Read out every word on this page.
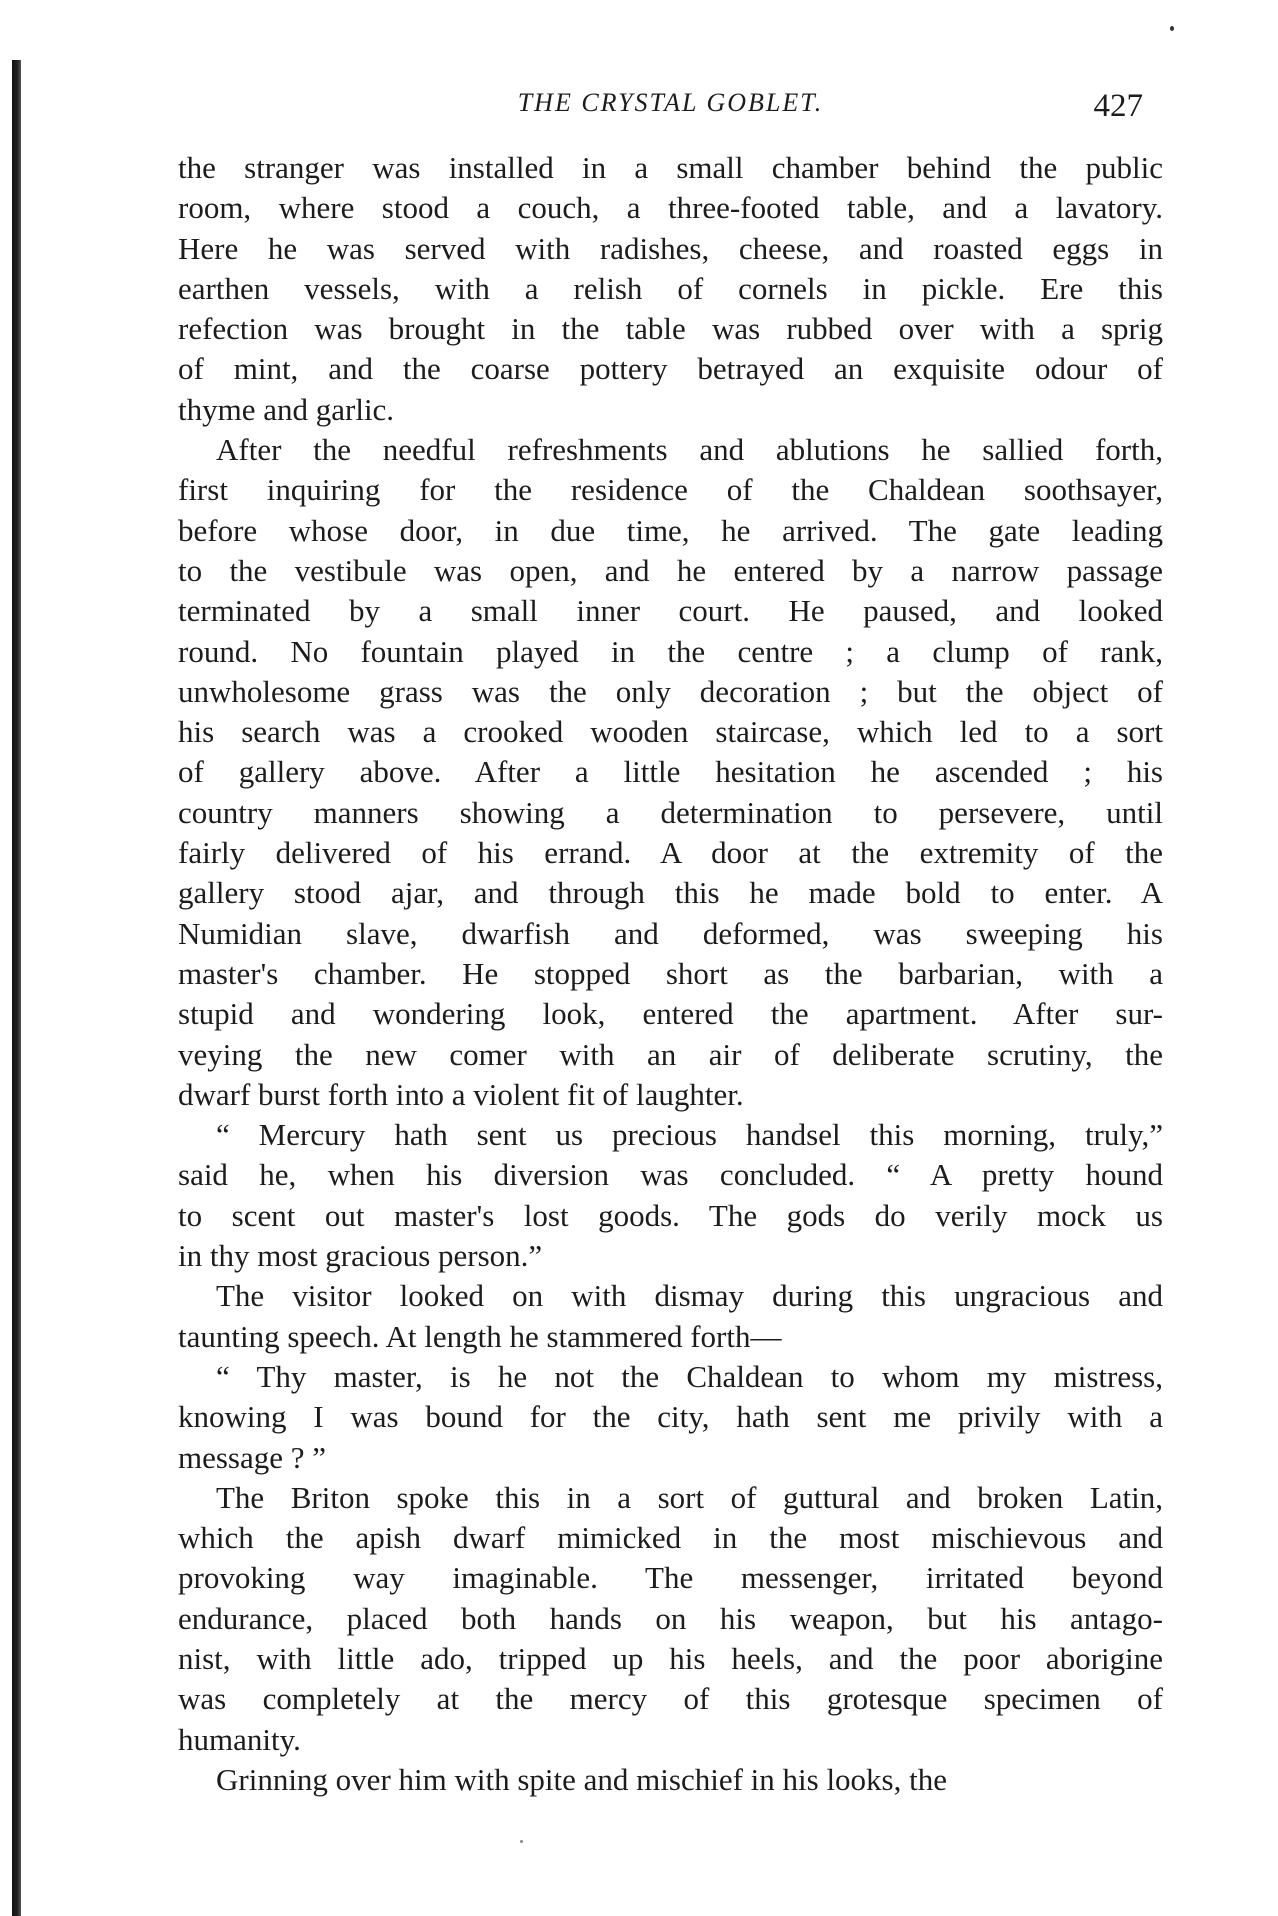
THE CRYSTAL GOBLET.	427
the stranger was installed in a small chamber behind the public
room, where stood a couch, a three-footed table, and a lavatory.
Here he was served with radishes, cheese, and roasted eggs in
earthen vessels, with a relish of cornels in pickle. Ere this
refection was brought in the table was rubbed over with a sprig
of mint, and the coarse pottery betrayed an exquisite odour of
thyme and garlic.
After the needful refreshments and ablutions he sallied forth,
first inquiring for the residence of the Chaldean soothsayer,
before whose door, in due time, he arrived. The gate leading
to the vestibule was open, and he entered by a narrow passage
terminated by a small inner court. He paused, and looked
round. No fountain played in the centre ; a clump of rank,
unwholesome grass was the only decoration ; but the object of
his search was a crooked wooden staircase, which led to a sort
of gallery above. After a little hesitation he ascended ; his
country manners showing a determination to persevere, until
fairly delivered of his errand. A door at the extremity of the
gallery stood ajar, and through this he made bold to enter. A
Numidian slave, dwarfish and deformed, was sweeping his
master's chamber. He stopped short as the barbarian, with a
stupid and wondering look, entered the apartment. After sur-
veying the new comer with an air of deliberate scrutiny, the
dwarf burst forth into a violent fit of laughter.
“ Mercury hath sent us precious handsel this morning, truly,”
said he, when his diversion was concluded. “ A pretty hound
to scent out master's lost goods. The gods do verily mock us
in thy most gracious person.”
The visitor looked on with dismay during this ungracious and
taunting speech. At length he stammered forth—
“ Thy master, is he not the Chaldean to whom my mistress,
knowing I was bound for the city, hath sent me privily with a
message ? ”
The Briton spoke this in a sort of guttural and broken Latin,
which the apish dwarf mimicked in the most mischievous and
provoking way imaginable. The messenger, irritated beyond
endurance, placed both hands on his weapon, but his antago-
nist, with little ado, tripped up his heels, and the poor aborigine
was completely at the mercy of this grotesque specimen of
humanity.
Grinning over him with spite and mischief in his looks, the
